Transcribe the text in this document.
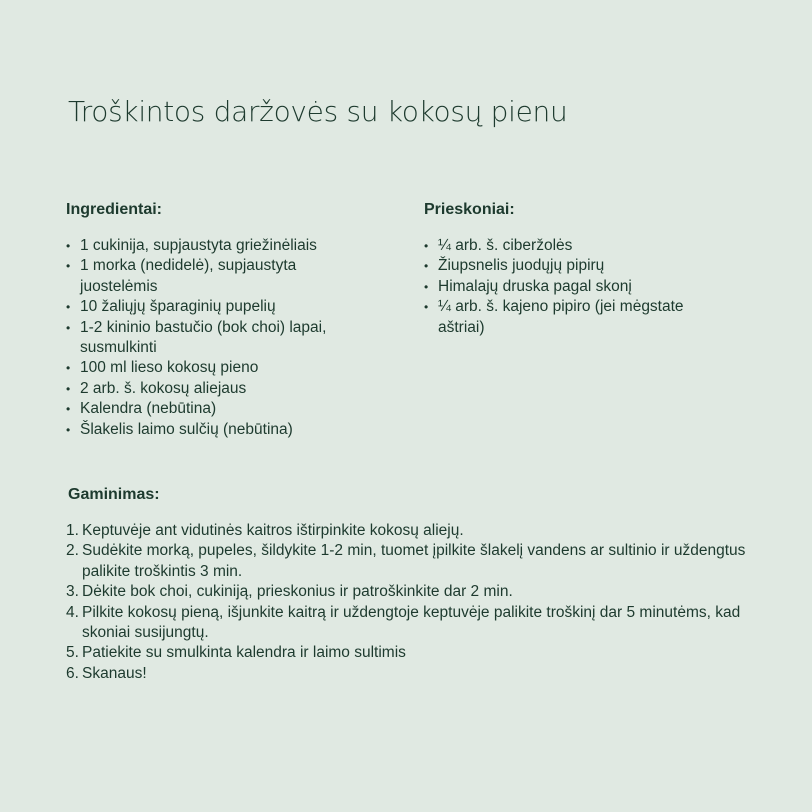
Troškintos daržovės su kokosų pienu
Ingredientai:
• 1 cukinija, supjaustyta griežinėliais
• 1 morka (nedidelė), supjaustyta juostelėmis
• 10 žaliųjų šparaginių pupelių
• 1-2 kininio bastučio (bok choi) lapai, susmulkinti
• 100 ml lieso kokosų pieno
• 2 arb. š. kokosų aliejaus
• Kalendra (nebūtina)
• Šlakelis laimo sulčių (nebūtina)
Prieskoniai:
• ¼ arb. š. ciberžolės
• Žiupsnelis juodųjų pipirų
• Himalajų druska pagal skonį
• ¼ arb. š. kajeno pipiro (jei mėgstate aštriai)
Gaminimas:
1. Keptuvėje ant vidutinės kaitros ištirpinkite kokosų aliejų.
2. Sudėkite morką, pupeles, šildykite 1-2 min, tuomet įpilkite šlakelį vandens ar sultinio ir uždengtus palikite troškintis 3 min.
3. Dėkite bok choi, cukiniją, prieskonius ir patroškinkite dar 2 min.
4. Pilkite kokosų pieną, išjunkite kaitrą ir uždengtoje keptuvėje palikite troškinį dar 5 minutėms, kad skoniai susijungtų.
5. Patiekite su smulkinta kalendra ir laimo sultimis
6. Skanaus!
